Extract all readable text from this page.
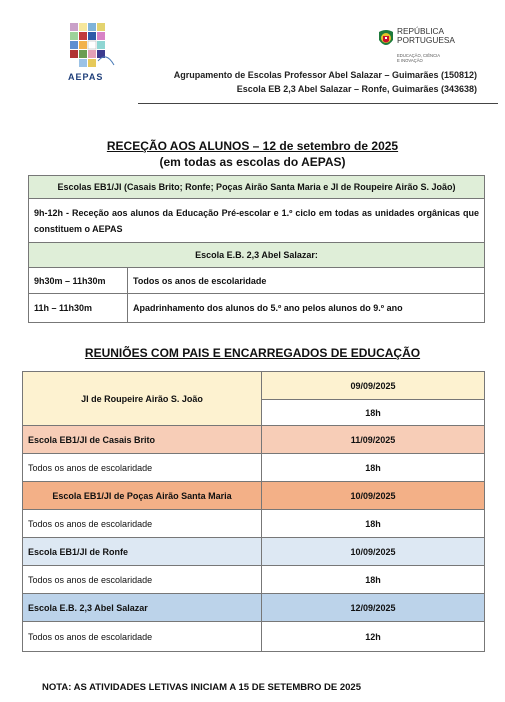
AEPAS
REPÚBLICA
PORTUGUESA
EDUCAÇÃO, CIÊNCIA
E INOVAÇÃO
Agrupamento de Escolas Professor Abel Salazar – Guimarães (150812)
Escola EB 2,3 Abel Salazar – Ronfe, Guimarães (343638)
RECEÇÃO AOS ALUNOS – 12 de setembro de 2025
(em todas as escolas do AEPAS)
Escolas EB1/JI (Casais Brito; Ronfe; Poças Airão Santa Maria e JI de Roupeire Airão S. João)	
9h-12h - Receção aos alunos da Educação Pré-escolar e 1.º ciclo em todas as unidades orgânicas que constituem o AEPAS	
Escola E.B. 2,3 Abel Salazar:	
9h30m – 11h30m	Todos os anos de escolaridade
11h – 11h30m	Apadrinhamento dos alunos do 5.º ano pelos alunos do 9.º ano
REUNIÕES COM PAIS E ENCARREGADOS DE EDUCAÇÃO
JI de Roupeire Airão S. João	09/09/2025
	18h
Escola EB1/JI de Casais Brito	11/09/2025
Todos os anos de escolaridade	18h
Escola EB1/JI de Poças Airão Santa Maria	10/09/2025
Todos os anos de escolaridade	18h
Escola EB1/JI de Ronfe	10/09/2025
Todos os anos de escolaridade	18h
Escola E.B. 2,3 Abel Salazar	12/09/2025
Todos os anos de escolaridade	12h
NOTA: AS ATIVIDADES LETIVAS INICIAM A 15 DE SETEMBRO DE 2025
